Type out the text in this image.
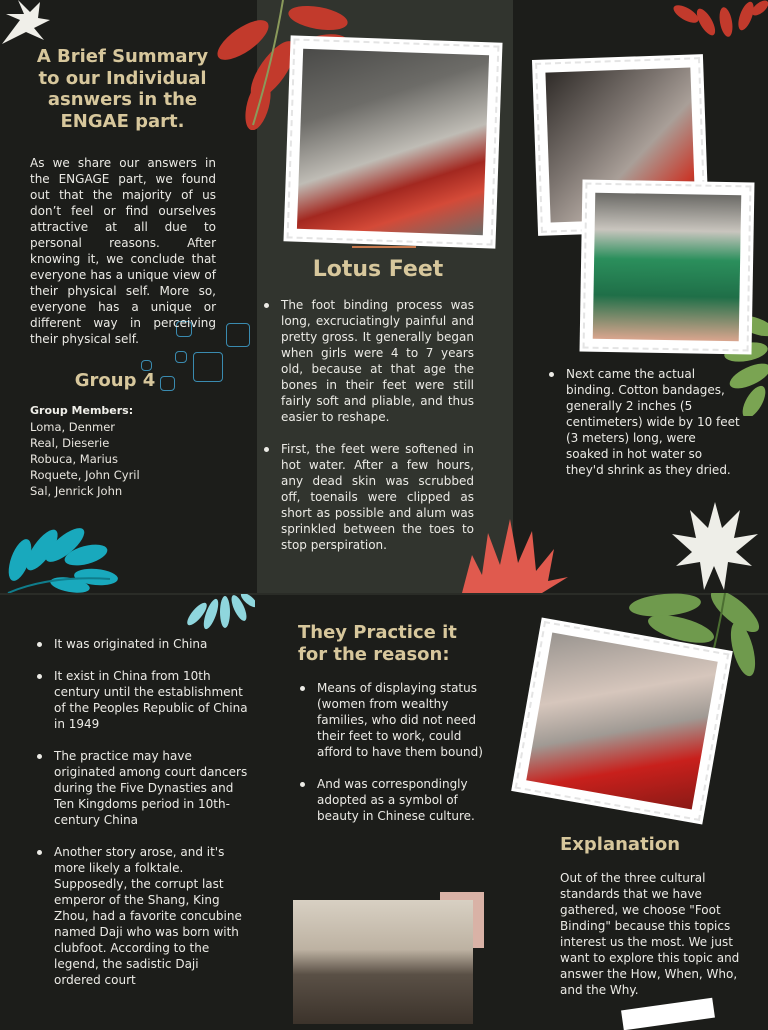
A Brief Summary to our Individual asnwers in the ENGAE part.
As we share our answers in the ENGAGE part, we found out that the majority of us don’t feel or find ourselves attractive at all due to personal reasons. After knowing it, we conclude that everyone has a unique view of their physical self. More so, everyone has a unique or different way in perceiving their physical self.
Group 4
Group Members:
Loma, Denmer
Real, Dieserie
Robuca, Marius
Roquete, John Cyril
Sal, Jenrick John
Lotus Feet
The foot binding process was long, excruciatingly painful and pretty gross. It generally began when girls were 4 to 7 years old, because at that age the bones in their feet were still fairly soft and pliable, and thus easier to reshape.
First, the feet were softened in hot water. After a few hours, any dead skin was scrubbed off, toenails were clipped as short as possible and alum was sprinkled between the toes to stop perspiration.
Next came the actual binding. Cotton bandages, generally 2 inches (5 centimeters) wide by 10 feet (3 meters) long, were soaked in hot water so they'd shrink as they dried.
It was originated in China
It exist in China from 10th century until the establishment of the Peoples Republic of China in 1949
The practice may have originated among court dancers during the Five Dynasties and Ten Kingdoms period in 10th-century China
Another story arose, and it's more likely a folktale. Supposedly, the corrupt last emperor of the Shang, King Zhou, had a favorite concubine named Daji who was born with clubfoot. According to the legend, the sadistic Daji ordered court
They Practice it for the reason:
Means of displaying status (women from wealthy families, who did not need their feet to work, could afford to have them bound)
And was correspondingly adopted as a symbol of beauty in Chinese culture.
Explanation
Out of the three cultural standards that we have gathered, we choose "Foot Binding" because this topics interest us the most. We just want to explore this topic and answer the How, When, Who, and the Why.
